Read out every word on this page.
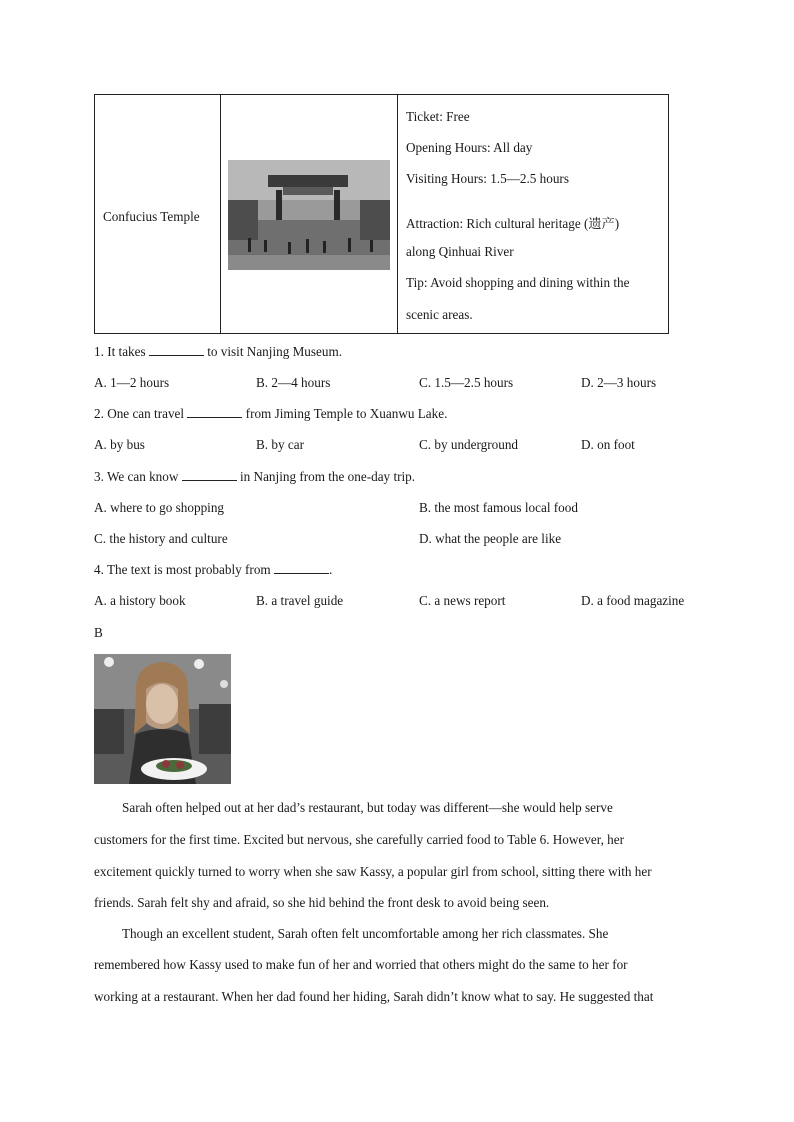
Confucius Temple
Ticket: Free
Opening Hours: All day
Visiting Hours: 1.5—2.5 hours
Attraction: Rich cultural heritage (遗产)
along Qinhuai River
Tip: Avoid shopping and dining within the
scenic areas.
1. It takes	to visit Nanjing Museum.
A. 1—2 hours	B. 2—4 hours	C. 1.5—2.5 hours	D. 2—3 hours
2. One can travel	from Jiming Temple to Xuanwu Lake.
A. by bus	B. by car	C. by underground	D. on foot
3. We can know	in Nanjing from the one-day trip.
A. where to go shopping	B. the most famous local food
C. the history and culture	D. what the people are like
4. The text is most probably from	.
A. a history book	B. a travel guide	C. a news report	D. a food magazine
B
Sarah often helped out at her dad’s restaurant, but today was different—she would help serve
customers for the first time. Excited but nervous, she carefully carried food to Table 6. However, her
excitement quickly turned to worry when she saw Kassy, a popular girl from school, sitting there with her
friends. Sarah felt shy and afraid, so she hid behind the front desk to avoid being seen.
Though an excellent student, Sarah often felt uncomfortable among her rich classmates. She
remembered how Kassy used to make fun of her and worried that others might do the same to her for
working at a restaurant. When her dad found her hiding, Sarah didn’t know what to say. He suggested that
